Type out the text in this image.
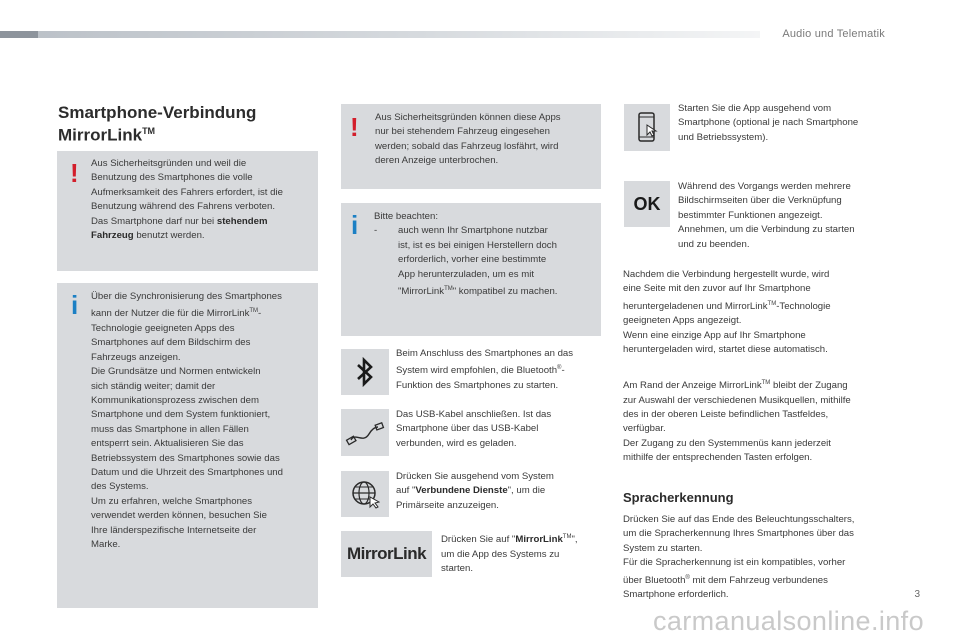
Audio und Telematik
Smartphone-Verbindung
MirrorLink™
! Aus Sicherheitsgründen und weil die
Benutzung des Smartphones die volle
Aufmerksamkeit des Fahrers erfordert, ist die
Benutzung während des Fahrens verboten.
Das Smartphone darf nur bei stehendem
Fahrzeug benutzt werden.
i Über die Synchronisierung des Smartphones
kann der Nutzer die für die MirrorLink™-
Technologie geeigneten Apps des
Smartphones auf dem Bildschirm des
Fahrzeugs anzeigen.
Die Grundsätze und Normen entwickeln
sich ständig weiter; damit der
Kommunikationsprozess zwischen dem
Smartphone und dem System funktioniert,
muss das Smartphone in allen Fällen
entsperrt sein. Aktualisieren Sie das
Betriebssystem des Smartphones sowie das
Datum und die Uhrzeit des Smartphones und
des Systems.
Um zu erfahren, welche Smartphones
verwendet werden können, besuchen Sie
Ihre länderspezifische Internetseite der
Marke.
! Aus Sicherheitsgründen können diese Apps
nur bei stehendem Fahrzeug eingesehen
werden; sobald das Fahrzeug losfährt, wird
deren Anzeige unterbrochen.
i Bitte beachten:
- auch wenn Ihr Smartphone nutzbar
ist, ist es bei einigen Herstellern doch
erforderlich, vorher eine bestimmte
App herunterzuladen, um es mit
"MirrorLink™" kompatibel zu machen.
Beim Anschluss des Smartphones an das
System wird empfohlen, die Bluetooth®-
Funktion des Smartphones zu starten.
Das USB-Kabel anschließen. Ist das
Smartphone über das USB-Kabel
verbunden, wird es geladen.
Drücken Sie ausgehend vom System
auf "Verbundene Dienste", um die
Primärseite anzuzeigen.
MirrorLink
Drücken Sie auf "MirrorLink™",
um die App des Systems zu
starten.
Starten Sie die App ausgehend vom
Smartphone (optional je nach Smartphone
und Betriebssystem).
OK
Während des Vorgangs werden mehrere
Bildschirmseiten über die Verknüpfung
bestimmter Funktionen angezeigt.
Annehmen, um die Verbindung zu starten
und zu beenden.
Nachdem die Verbindung hergestellt wurde, wird
eine Seite mit den zuvor auf Ihr Smartphone
heruntergeladenen und MirrorLink™-Technologie
geeigneten Apps angezeigt.
Wenn eine einzige App auf Ihr Smartphone
heruntergeladen wird, startet diese automatisch.
Am Rand der Anzeige MirrorLink™ bleibt der Zugang
zur Auswahl der verschiedenen Musikquellen, mithilfe
des in der oberen Leiste befindlichen Tastfeldes,
verfügbar.
Der Zugang zu den Systemmenüs kann jederzeit
mithilfe der entsprechenden Tasten erfolgen.
Spracherkennung
Drücken Sie auf das Ende des Beleuchtungsschalters,
um die Spracherkennung Ihres Smartphones über das
System zu starten.
Für die Spracherkennung ist ein kompatibles, vorher
über Bluetooth® mit dem Fahrzeug verbundenes
Smartphone erforderlich.	3
carmanualsonline.info
